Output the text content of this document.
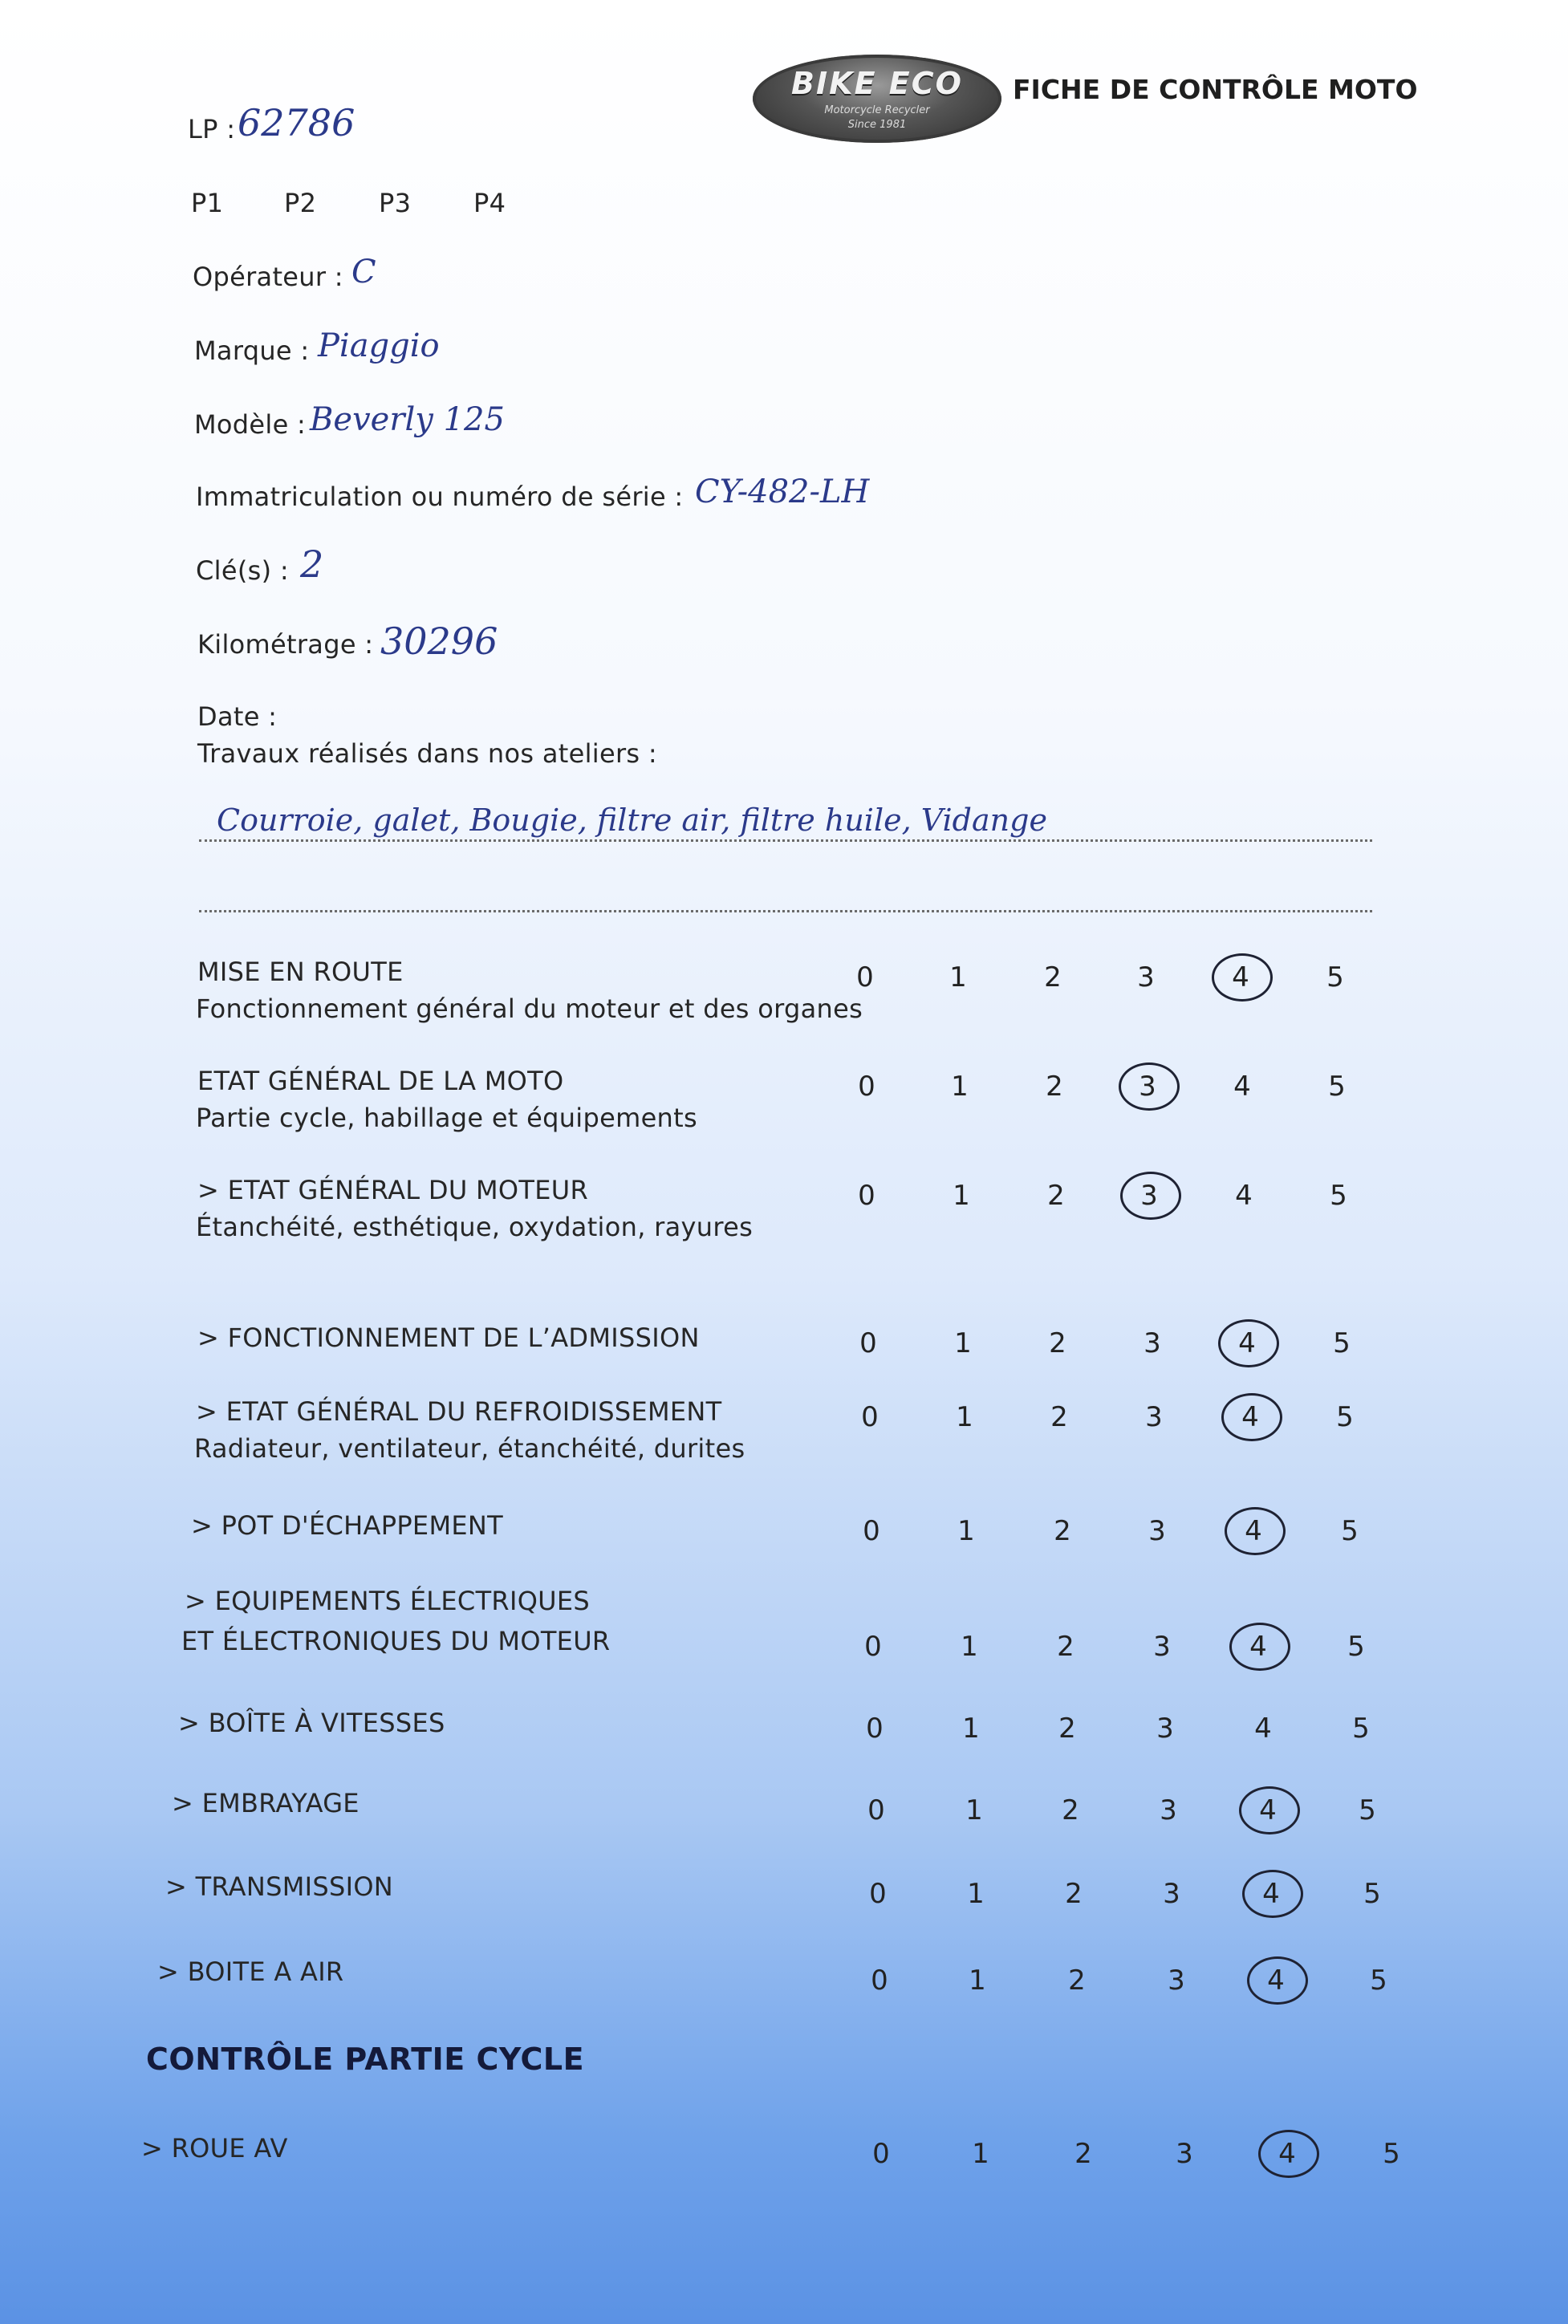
BIKE ECO
Motorcycle Recycler
Since 1981
FICHE DE CONTRÔLE MOTO
LP : 62786
P1 P2 P3 P4
Opérateur : C
Marque : Piaggio
Modèle : Beverly 125
Immatriculation ou numéro de série : CY-482-LH
Clé(s) : 2
Kilométrage : 30296
Date :
Travaux réalisés dans nos ateliers :
Courroie, galet, Bougie, filtre air, filtre huile, Vidange
MISE EN ROUTE
Fonctionnement général du moteur et des organes
0	1	2	3	4	5
ETAT GÉNÉRAL DE LA MOTO
Partie cycle, habillage et équipements
0	1	2	3	4	5
> ETAT GÉNÉRAL DU MOTEUR
Étanchéité, esthétique, oxydation, rayures
0	1	2	3	4	5
> FONCTIONNEMENT DE L’ADMISSION	0	1	2	3	4	5
> ETAT GÉNÉRAL DU REFROIDISSEMENT
Radiateur, ventilateur, étanchéité, durites
0	1	2	3	4	5
> POT D'ÉCHAPPEMENT	0	1	2	3	4	5
> EQUIPEMENTS ÉLECTRIQUES
ET ÉLECTRONIQUES DU MOTEUR	0	1	2	3	4	5
> BOÎTE À VITESSES	0	1	2	3	4	5
> EMBRAYAGE	0	1	2	3	4	5
> TRANSMISSION	0	1	2	3	4	5
> BOITE A AIR	0	1	2	3	4	5
CONTRÔLE PARTIE CYCLE
> ROUE AV	0	1	2	3	4	5
